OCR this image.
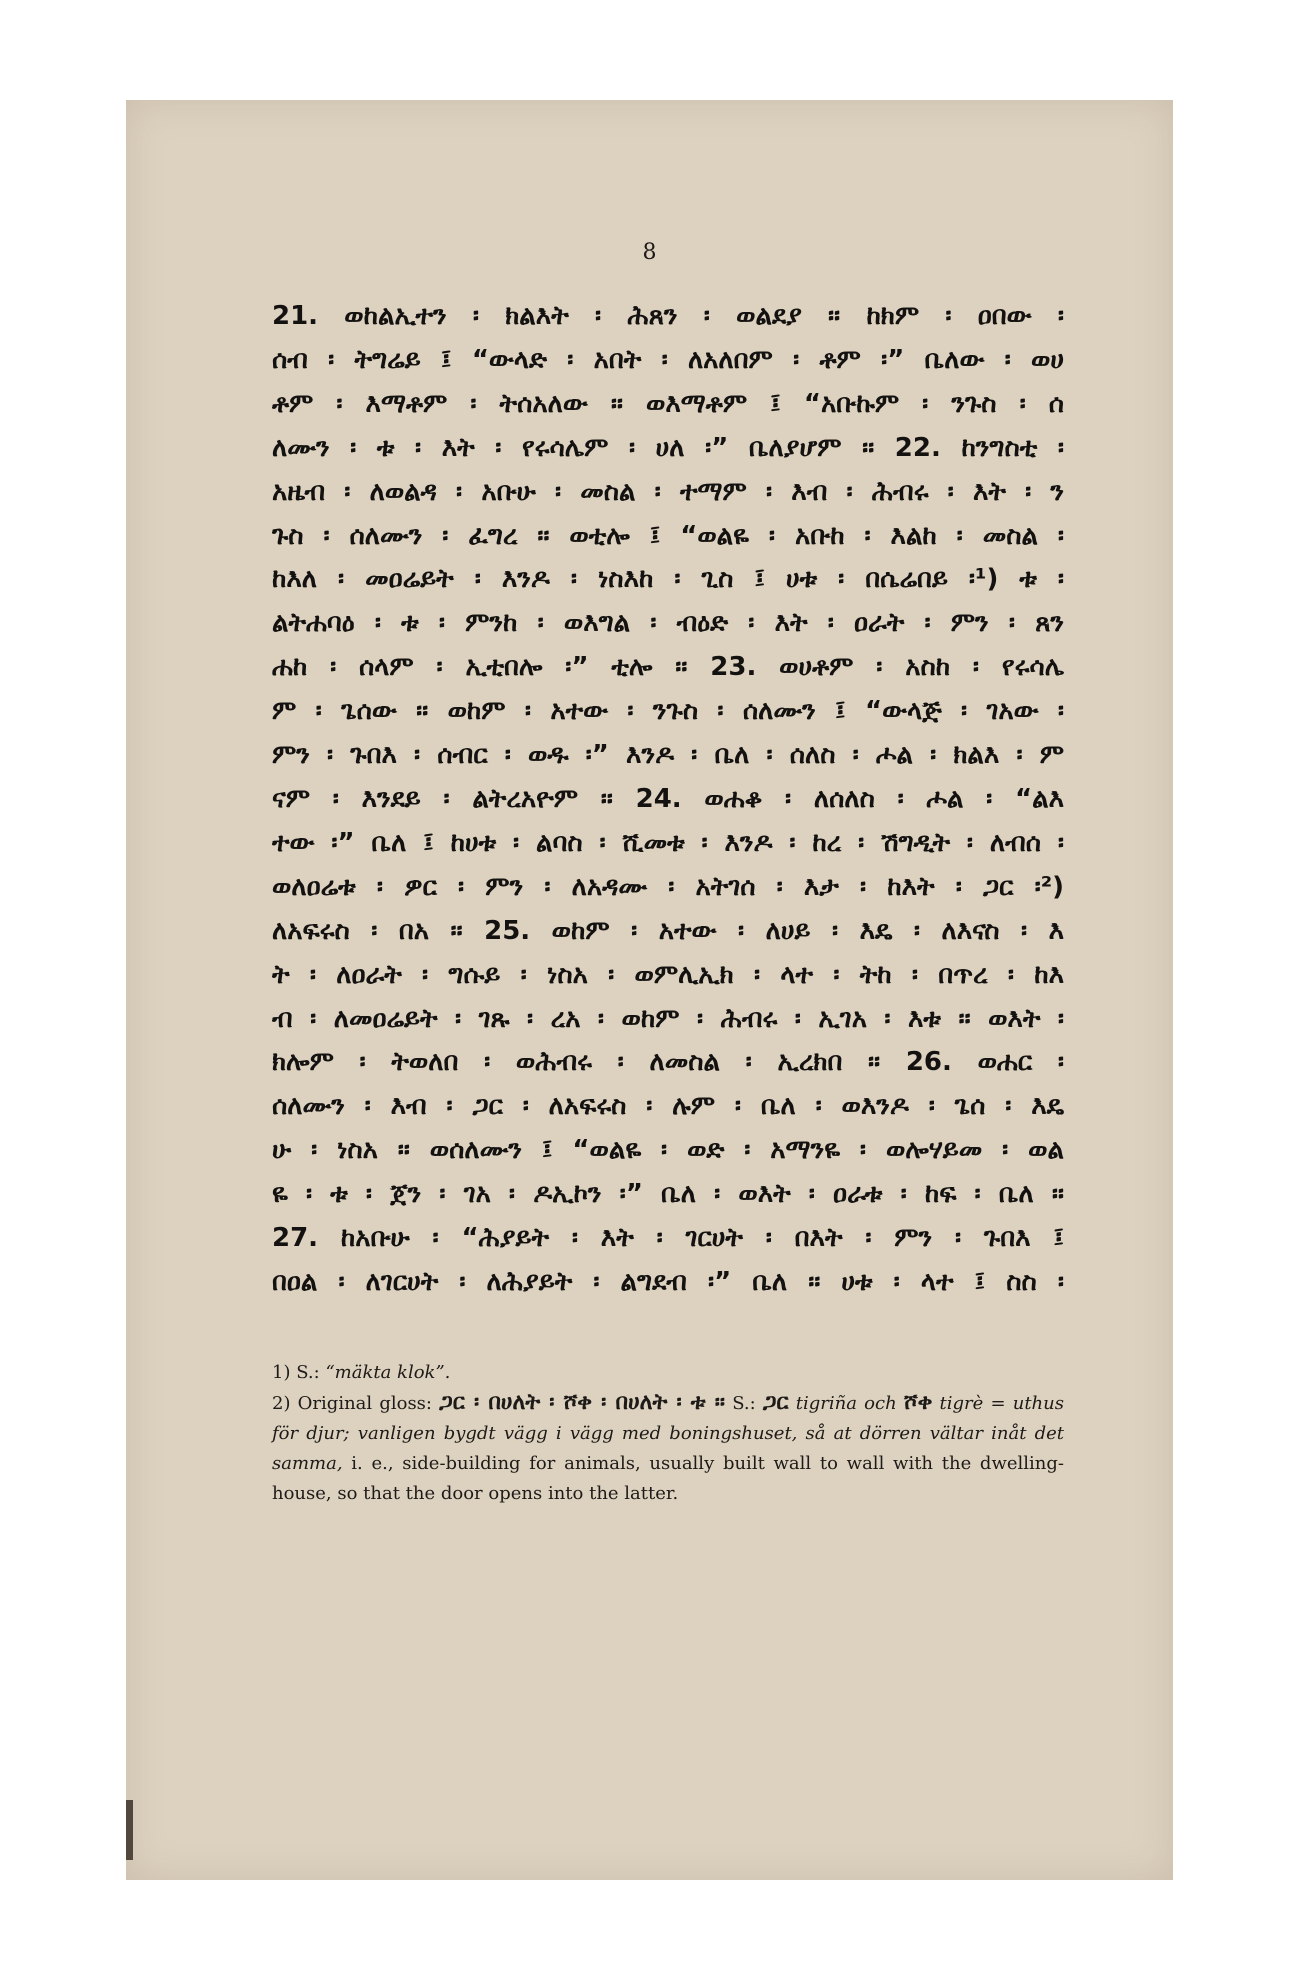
8
21. ወከልኢተን ፡ ክልእት ፡ ሕጸን ፡ ወልደያ ። ከክም ፡ ዐበው ፡
ሰብ ፡ ትግሬይ ፤ “ውላድ ፡ አበት ፡ ለአለበም ፡ ቶም ፡” ቤለው ፡ ወሀ
ቶም ፡ እማቶም ፡ ትሰአለው ። ወእማቶም ፤ “አቡኩም ፡ ንጉስ ፡ ሰ
ለሙን ፡ ቱ ፡ እት ፡ የሩሳሌም ፡ ሀለ ፡” ቤለያሆም ። 22. ከንግስቲ ፡
አዜብ ፡ ለወልዳ ፡ አቡሁ ፡ መስል ፡ ተማም ፡ እብ ፡ ሕብሩ ፡ እት ፡ ን
ጉስ ፡ ሰለሙን ፡ ፈግረ ። ወቲሎ ፤ “ወልዬ ፡ አቡከ ፡ እልከ ፡ መስል ፡
ከእለ ፡ መዐሬይት ፡ እንዶ ፡ ነስእከ ፡ ጊስ ፤ ሀቱ ፡ በሴሬበይ ፡¹) ቱ ፡
ልትሐባዕ ፡ ቱ ፡ ምንከ ፡ ወእግል ፡ ብዕድ ፡ እት ፡ ዐራት ፡ ምን ፡ ጸን
ሐከ ፡ ሰላም ፡ ኢቲበሎ ፡” ቲሎ ። 23. ወሀቶም ፡ አስከ ፡ የሩሳሌ
ም ፡ ጌሰው ። ወከም ፡ አተው ፡ ንጉስ ፡ ሰለሙን ፤ “ውላጅ ፡ ገአው ፡
ምን ፡ ጉበእ ፡ ሰብር ፡ ወዱ ፡” እንዶ ፡ ቤለ ፡ ሰለስ ፡ ሖል ፡ ክልእ ፡ ም
ናም ፡ እንደይ ፡ ልትረአዮም ። 24. ወሐቆ ፡ ለሰለስ ፡ ሖል ፡ “ልእ
ተው ፡” ቤለ ፤ ከሀቱ ፡ ልባስ ፡ ሺመቱ ፡ እንዶ ፡ ከረ ፡ ሽግዲት ፡ ለብሰ ፡
ወለዐሬቱ ፡ ዎር ፡ ምን ፡ ለአዳሙ ፡ አትገሰ ፡ እታ ፡ ከእት ፡ ጋር ፡²)
ለአፍሩስ ፡ በአ ። 25. ወከም ፡ አተው ፡ ለሀይ ፡ እዴ ፡ ለእናስ ፡ እ
ት ፡ ለዐራት ፡ ግሱይ ፡ ነስአ ፡ ወምሊኢክ ፡ ላተ ፡ ትከ ፡ በጥረ ፡ ከእ
ብ ፡ ለመዐሬይት ፡ ገጹ ፡ ረአ ፡ ወከም ፡ ሕብሩ ፡ ኢገአ ፡ እቱ ። ወእት ፡
ክሎም ፡ ትወለበ ፡ ወሕብሩ ፡ ለመስል ፡ ኢረክበ ። 26. ወሐር ፡
ሰለሙን ፡ እብ ፡ ጋር ፡ ለአፍሩስ ፡ ሉም ፡ ቤለ ፡ ወእንዶ ፡ ጌሰ ፡ እዴ
ሁ ፡ ነስአ ። ወሰለሙን ፤ “ወልዬ ፡ ወድ ፡ አማንዬ ፡ ወሎሃይመ ፡ ወል
ዬ ፡ ቱ ፡ ጀን ፡ ገአ ፡ ዶኢኮን ፡” ቤለ ፡ ወእት ፡ ዐራቱ ፡ ከፍ ፡ ቤለ ።
27. ከአቡሁ ፡ “ሕያይት ፡ እት ፡ ገርሀት ፡ በእት ፡ ምን ፡ ጉበእ ፤
በዐል ፡ ለገርሀት ፡ ለሕያይት ፡ ልግደብ ፡” ቤለ ። ሀቱ ፡ ላተ ፤ ስስ ፡
1) S.: “mäkta klok”.
2) Original gloss: ጋር ፡ በሀለት ፡ ሾቀ ፡ በሀለት ፡ ቱ ። S.: ጋር tigriña och ሾቀ tigrè = uthus för djur; vanligen bygdt vägg i vägg med boningshuset, så at dörren vältar inåt det samma, i. e., side-building for animals, usually built wall to wall with the dwelling-house, so that the door opens into the latter.
